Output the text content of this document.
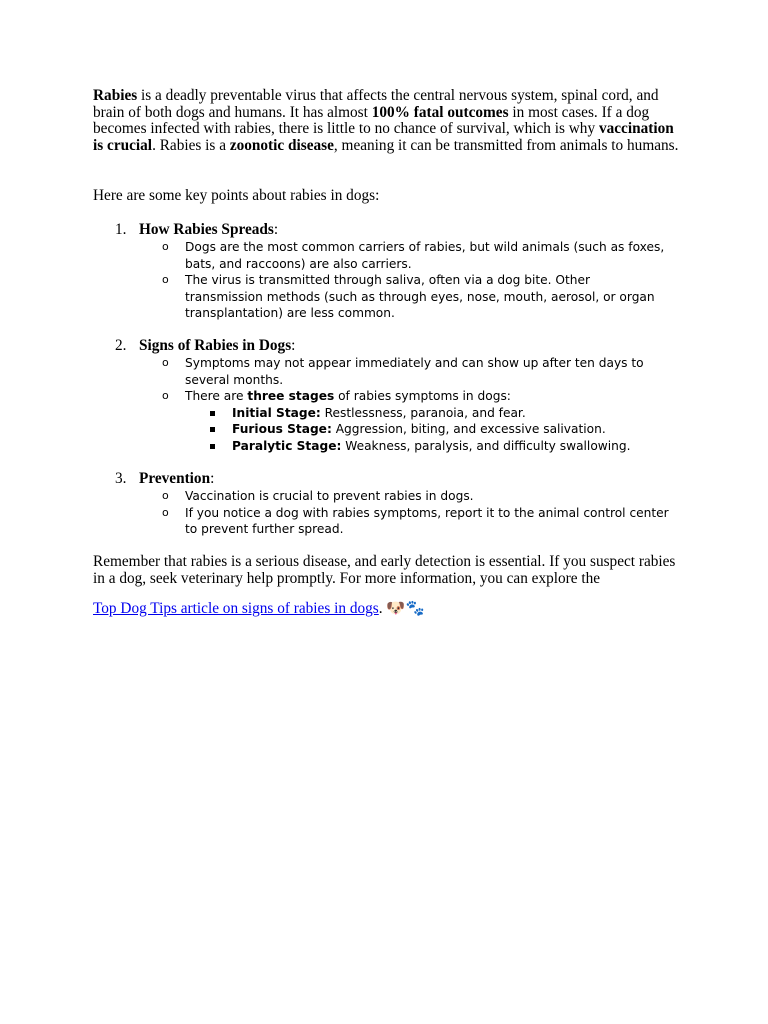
Rabies is a deadly preventable virus that affects the central nervous system, spinal cord, and brain of both dogs and humans. It has almost 100% fatal outcomes in most cases. If a dog becomes infected with rabies, there is little to no chance of survival, which is why vaccination is crucial. Rabies is a zoonotic disease, meaning it can be transmitted from animals to humans.

Here are some key points about rabies in dogs:

1. How Rabies Spreads:
o Dogs are the most common carriers of rabies, but wild animals (such as foxes, bats, and raccoons) are also carriers.
o The virus is transmitted through saliva, often via a dog bite. Other transmission methods (such as through eyes, nose, mouth, aerosol, or organ transplantation) are less common.
2. Signs of Rabies in Dogs:
o Symptoms may not appear immediately and can show up after ten days to several months.
o There are three stages of rabies symptoms in dogs:
Initial Stage: Restlessness, paranoia, and fear.
Furious Stage: Aggression, biting, and excessive salivation.
Paralytic Stage: Weakness, paralysis, and difficulty swallowing.
3. Prevention:
o Vaccination is crucial to prevent rabies in dogs.
o If you notice a dog with rabies symptoms, report it to the animal control center to prevent further spread.

Remember that rabies is a serious disease, and early detection is essential. If you suspect rabies in a dog, seek veterinary help promptly. For more information, you can explore the

Top Dog Tips article on signs of rabies in dogs. 🐶🐾
